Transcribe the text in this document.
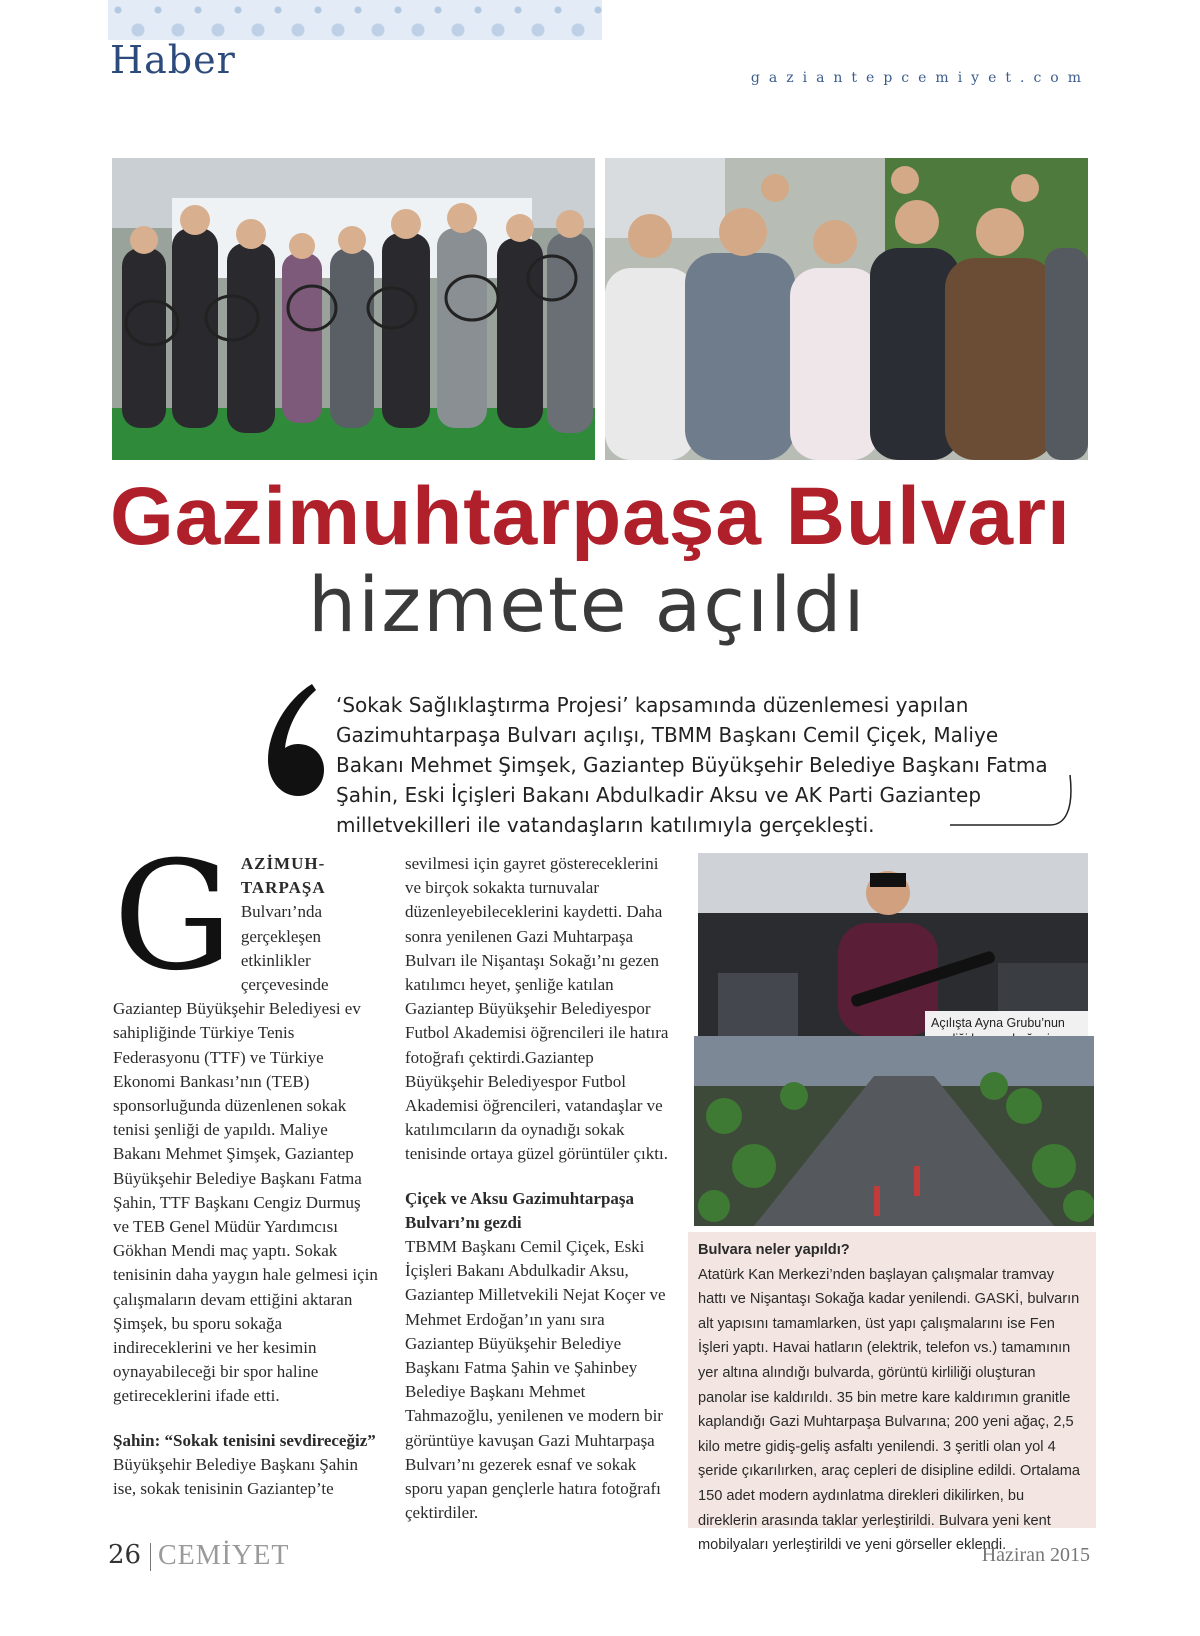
Haber	gaziantepcemiyet.com
Gazimuhtarpaşa Bulvarı
hizmete açıldı
‘Sokak Sağlıklaştırma Projesi’ kapsamında düzenlemesi yapılan Gazimuhtarpaşa Bulvarı açılışı, TBMM Başkanı Cemil Çiçek, Maliye Bakanı Mehmet Şimşek, Gaziantep Büyükşehir Belediye Başkanı Fatma Şahin, Eski İçişleri Bakanı Abdulkadir Aksu ve AK Parti Gaziantep milletvekilleri ile vatandaşların katılımıyla gerçekleşti.
G AZİMUH-TARPAŞA Bulvarı’nda gerçekleşen etkinlikler çerçevesinde Gaziantep Büyükşehir Belediyesi ev sahipliğinde Türkiye Tenis Federasyonu (TTF) ve Türkiye Ekonomi Bankası’nın (TEB) sponsorluğunda düzenlenen sokak tenisi şenliği de yapıldı. Maliye Bakanı Mehmet Şimşek, Gaziantep Büyükşehir Belediye Başkanı Fatma Şahin, TTF Başkanı Cengiz Durmuş ve TEB Genel Müdür Yardımcısı Gökhan Mendi maç yaptı. Sokak tenisinin daha yaygın hale gelmesi için çalışmaların devam ettiğini aktaran Şimşek, bu sporu sokağa indireceklerini ve her kesimin oynayabileceği bir spor haline getireceklerini ifade etti.
Şahin: “Sokak tenisini sevdireceğiz”
Büyükşehir Belediye Başkanı Şahin ise, sokak tenisinin Gaziantep’te
sevilmesi için gayret göstereceklerini ve birçok sokakta turnuvalar düzenleyebileceklerini kaydetti. Daha sonra yenilenen Gazi Muhtarpaşa Bulvarı ile Nişantaşı Sokağı’nı gezen katılımcı heyet, şenliğe katılan Gaziantep Büyükşehir Belediyespor Futbol Akademisi öğrencileri ile hatıra fotoğrafı çektirdi.Gaziantep Büyükşehir Belediyespor Futbol Akademisi öğrencileri, vatandaşlar ve katılımcıların da oynadığı sokak tenisinde ortaya güzel görüntüler çıktı.
Çiçek ve Aksu Gazimuhtarpaşa Bulvarı’nı gezdi
TBMM Başkanı Cemil Çiçek, Eski İçişleri Bakanı Abdulkadir Aksu, Gaziantep Milletvekili Nejat Koçer ve Mehmet Erdoğan’ın yanı sıra Gaziantep Büyükşehir Belediye Başkanı Fatma Şahin ve Şahinbey Belediye Başkanı Mehmet Tahmazoğlu, yenilenen ve modern bir görüntüye kavuşan Gazi Muhtarpaşa Bulvarı’nı gezerek esnaf ve sokak sporu yapan gençlerle hatıra fotoğrafı çektirdiler.
Açılışta Ayna Grubu’nun
Bulvara neler yapıldı?
Atatürk Kan Merkezi’nden başlayan çalışmalar tramvay hattı ve Nişantaşı Sokağa kadar yenilendi. GASKİ, bulvarın alt yapısını tamamlarken, üst yapı çalışmalarını ise Fen İşleri yaptı. Havai hatların (elektrik, telefon vs.) tamamının yer altına alındığı bulvarda, görüntü kirliliği oluşturan panolar ise kaldırıldı. 35 bin metre kare kaldırımın granitle kaplandığı Gazi Muhtarpaşa Bulvarına; 200 yeni ağaç, 2,5 kilo metre gidiş-geliş asfaltı yenilendi. 3 şeritli olan yol 4 şeride çıkarılırken, araç cepleri de disipline edildi. Ortalama 150 adet modern aydınlatma direkleri dikilirken, bu direklerin arasında taklar yerleştirildi. Bulvara yeni kent mobilyaları yerleştirildi ve yeni görseller eklendi.
26 CEMİYET	Haziran 2015
